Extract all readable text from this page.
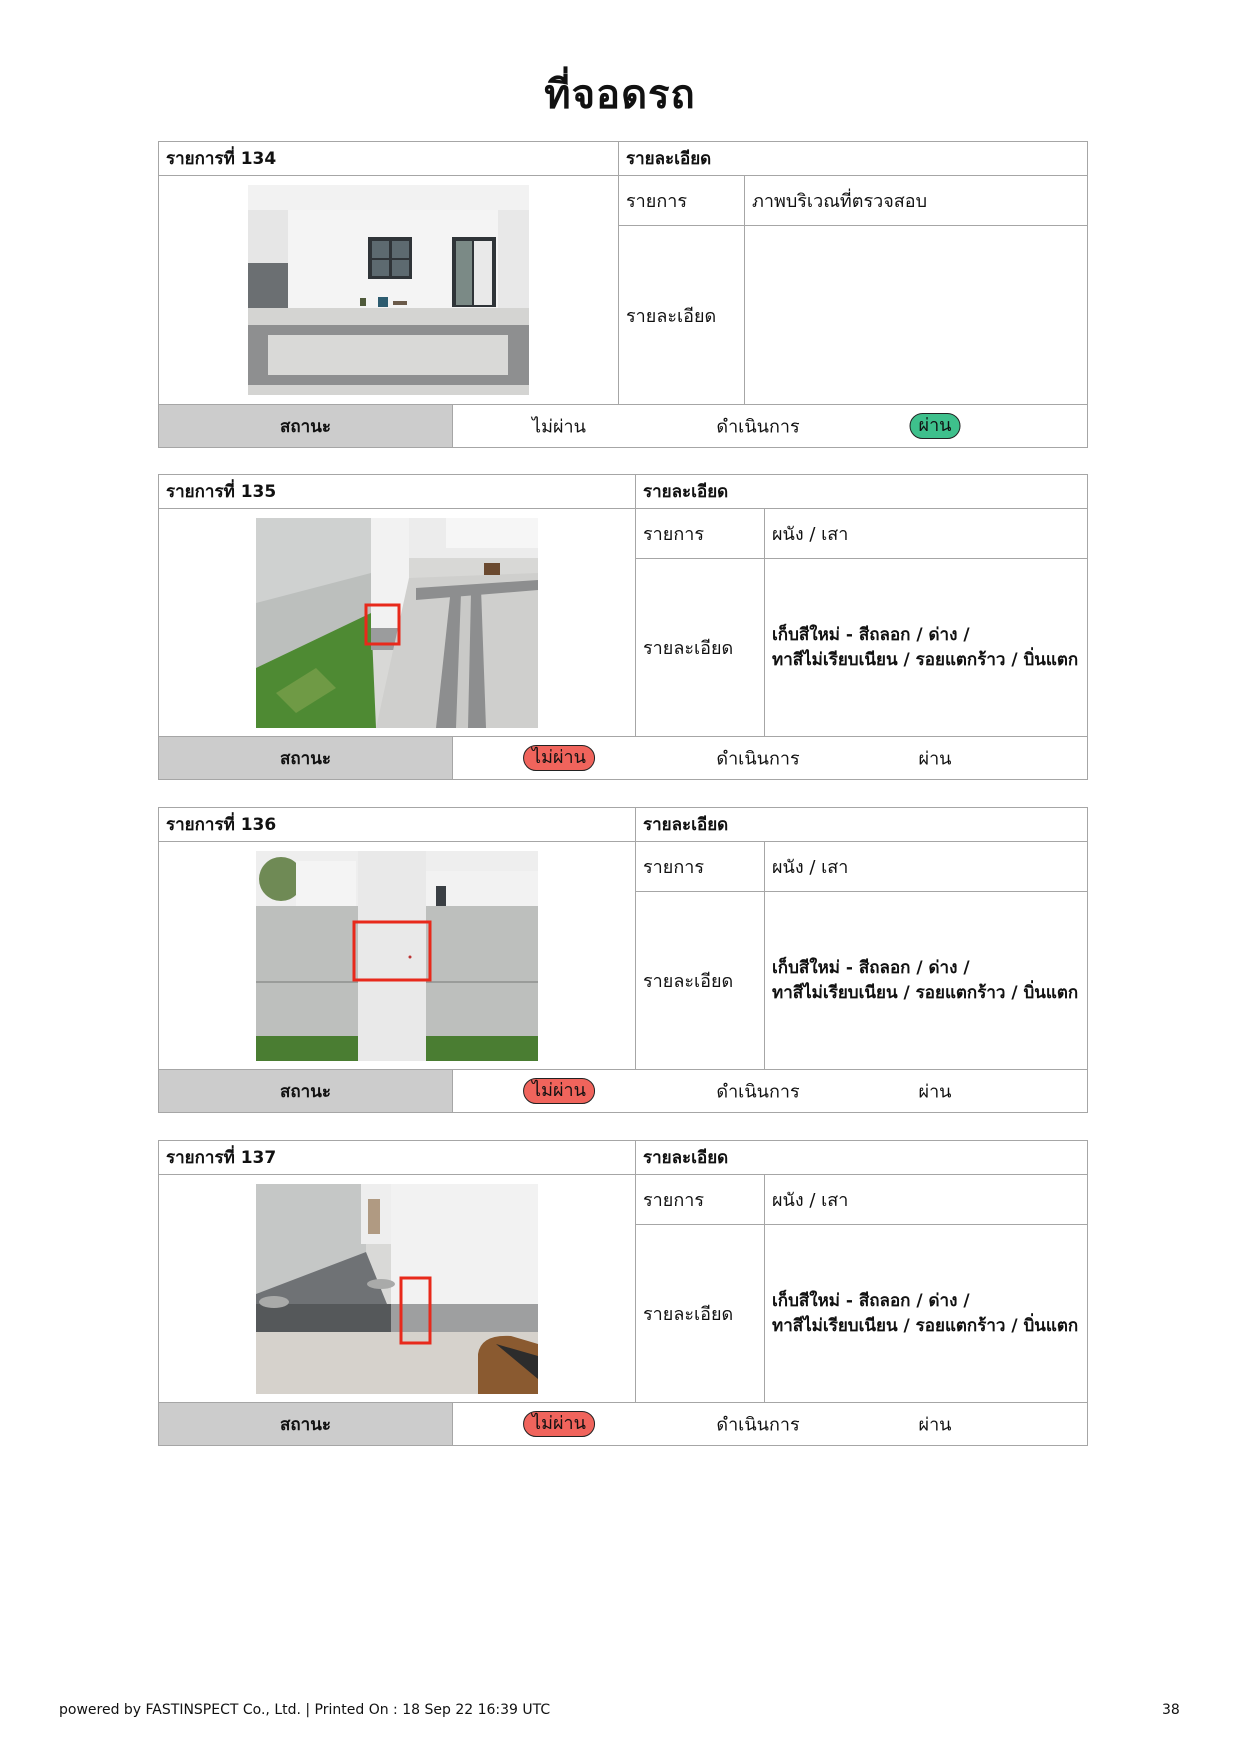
ที่จอดรถ
รายการที่ 134	รายละเอียด	

	รายการ	ภาพบริเวณที่ตรวจสอบ
	รายละเอียด	
สถานะ	ไม่ผ่าน	ดำเนินการ	ผ่าน
รายการที่ 135	รายละเอียด	

	รายการ	ผนัง / เสา
	รายละเอียด	เก็บสีใหม่ - สีถลอก / ด่าง /
ทาสีไม่เรียบเนียน / รอยแตกร้าว / บิ่นแตก
สถานะ	ไม่ผ่าน	ดำเนินการ	ผ่าน
รายการที่ 136	รายละเอียด	

	รายการ	ผนัง / เสา
	รายละเอียด	เก็บสีใหม่ - สีถลอก / ด่าง /
ทาสีไม่เรียบเนียน / รอยแตกร้าว / บิ่นแตก
สถานะ	ไม่ผ่าน	ดำเนินการ	ผ่าน
รายการที่ 137	รายละเอียด	

	รายการ	ผนัง / เสา
	รายละเอียด	เก็บสีใหม่ - สีถลอก / ด่าง /
ทาสีไม่เรียบเนียน / รอยแตกร้าว / บิ่นแตก
สถานะ	ไม่ผ่าน	ดำเนินการ	ผ่าน
powered by FASTINSPECT Co., Ltd. | Printed On : 18 Sep 22 16:39 UTC	38
